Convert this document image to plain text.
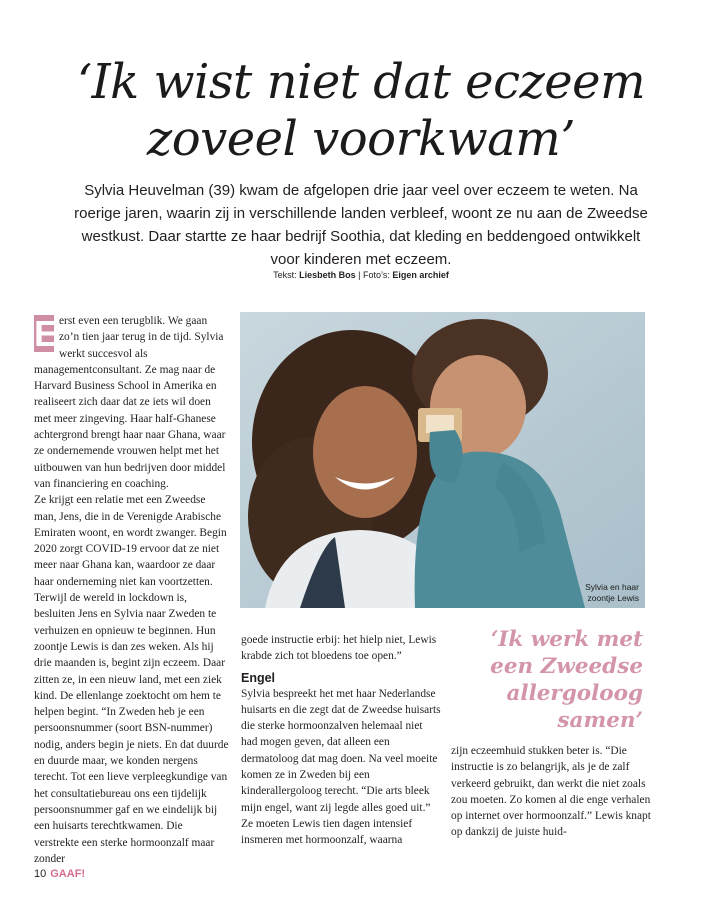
‘Ik wist niet dat eczeem
zoveel voorkwam’
Sylvia Heuvelman (39) kwam de afgelopen drie jaar veel over eczeem te weten. Na roerige jaren, waarin zij in verschillende landen verbleef, woont ze nu aan de Zweedse westkust. Daar startte ze haar bedrijf Soothia, dat kleding en beddengoed ontwikkelt voor kinderen met eczeem.
Tekst: Liesbeth Bos | Foto’s: Eigen archief
E erst even een terugblik. We gaan zo’n tien jaar terug in de tijd. Sylvia werkt succesvol als managementconsultant. Ze mag naar de Harvard Business School in Amerika en realiseert zich daar dat ze iets wil doen met meer zingeving. Haar half-Ghanese achtergrond brengt haar naar Ghana, waar ze ondernemende vrouwen helpt met het uitbouwen van hun bedrijven door middel van financiering en coaching.

Ze krijgt een relatie met een Zweedse man, Jens, die in de Verenigde Arabische Emiraten woont, en wordt zwanger. Begin 2020 zorgt COVID-19 ervoor dat ze niet meer naar Ghana kan, waardoor ze daar haar onderneming niet kan voortzetten. Terwijl de wereld in lockdown is, besluiten Jens en Sylvia naar Zweden te verhuizen en opnieuw te beginnen. Hun zoontje Lewis is dan zes weken. Als hij drie maanden is, begint zijn eczeem. Daar zitten ze, in een nieuw land, met een ziek kind. De ellenlange zoektocht om hem te helpen begint. “In Zweden heb je een persoonsnummer (soort BSN-nummer) nodig, anders begin je niets. En dat duurde en duurde maar, we konden nergens terecht. Tot een lieve verpleegkundige van het consultatiebureau ons een tijdelijk persoonsnummer gaf en we eindelijk bij een huisarts terechtkwamen. Die verstrekte een sterke hormoonzalf maar zonder

Sylvia en haar
zoontje Lewis

goede instructie erbij: het hielp niet, Lewis krabde zich tot bloedens toe open.”

Engel

Sylvia bespreekt het met haar Nederlandse huisarts en die zegt dat de Zweedse huisarts die sterke hormoonzalven helemaal niet had mogen geven, dat alleen een dermatoloog dat mag doen. Na veel moeite komen ze in Zweden bij een kinderallergoloog terecht. “Die arts bleek mijn engel, want zij legde alles goed uit.” Ze moeten Lewis tien dagen intensief insmeren met hormoonzalf, waarna

‘Ik werk met
een Zweedse
allergoloog
samen’

zijn eczeemhuid stukken beter is. “Die instructie is zo belangrijk, als je de zalf verkeerd gebruikt, dan werkt die niet zoals zou moeten. Zo komen al die enge verhalen op internet over hormoonzalf.” Lewis knapt op dankzij de juiste huid-

10 GAAF!
